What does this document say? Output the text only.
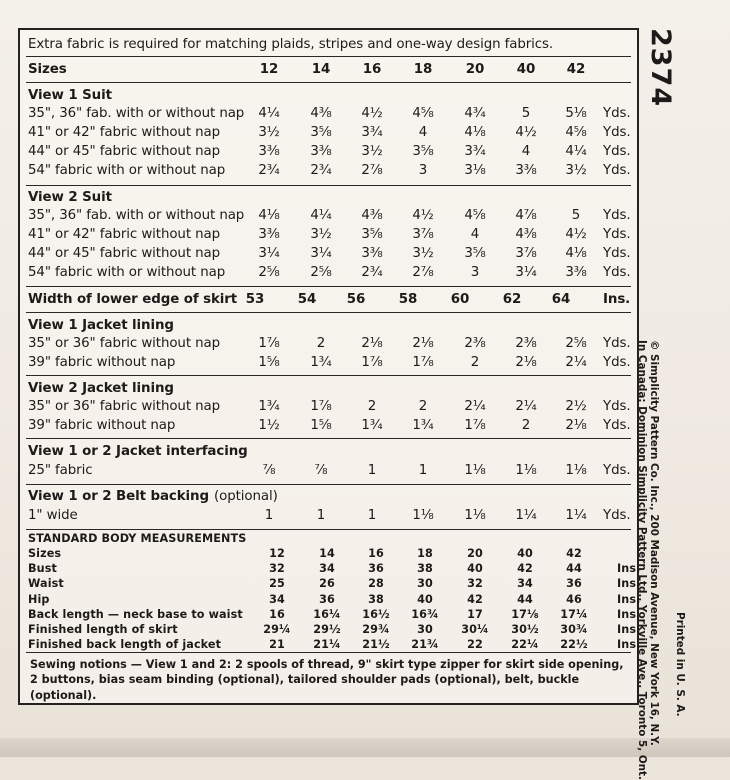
Extra fabric is required for matching plaids, stripes and one-way design fabrics.
Sizes	12	14	16	18	20	40	42
View 1 Suit
35", 36" fab. with or without nap	4¼	4⅜	4½	4⅝	4¾	5	5⅛	Yds.
41" or 42" fabric without nap	3½	3⅝	3¾	4	4⅛	4½	4⅝	Yds.
44" or 45" fabric without nap	3⅜	3⅜	3½	3⅝	3¾	4	4¼	Yds.
54" fabric with or without nap	2¾	2¾	2⅞	3	3⅛	3⅜	3½	Yds.
View 2 Suit
35", 36" fab. with or without nap	4⅛	4¼	4⅜	4½	4⅝	4⅞	5	Yds.
41" or 42" fabric without nap	3⅜	3½	3⅝	3⅞	4	4⅜	4½	Yds.
44" or 45" fabric without nap	3¼	3¼	3⅜	3½	3⅝	3⅞	4⅛	Yds.
54" fabric with or without nap	2⅝	2⅝	2¾	2⅞	3	3¼	3⅜	Yds.
Width of lower edge of skirt 53	54	56	58	60	62	64	Ins.
View 1 Jacket lining
35" or 36" fabric without nap	1⅞	2	2⅛	2⅛	2⅜	2⅜	2⅝	Yds.
39" fabric without nap	1⅝	1¾	1⅞	1⅞	2	2⅛	2¼	Yds.
View 2 Jacket lining
35" or 36" fabric without nap	1¾	1⅞	2	2	2¼	2¼	2½	Yds.
39" fabric without nap	1½	1⅝	1¾	1¾	1⅞	2	2⅛	Yds.
View 1 or 2 Jacket interfacing
25" fabric	⅞	⅞	1	1	1⅛	1⅛	1⅛	Yds.
View 1 or 2 Belt backing (optional)
1" wide	1	1	1	1⅛	1⅛	1¼	1¼	Yds.
STANDARD BODY MEASUREMENTS
Sizes	12	14	16	18	20	40	42
Bust	32	34	36	38	40	42	44	Ins.
Waist	25	26	28	30	32	34	36	Ins.
Hip	34	36	38	40	42	44	46	Ins.
Back length — neck base to waist	16	16¼	16½	16¾	17	17⅛	17¼	Ins.
Finished length of skirt	29¼	29½	29¾	30	30¼	30½	30¾	Ins.
Finished back length of jacket	21	21¼	21½	21¾	22	22¼	22½	Ins.
Sewing notions — View 1 and 2: 2 spools of thread, 9" skirt type zipper for skirt side opening, 2 buttons, bias seam binding (optional), tailored shoulder pads (optional), belt, buckle (optional).
2374
© Simplicity Pattern Co. Inc., 200 Madison Avenue, New York 16, N.Y.
In Canada: Dominion Simplicity Pattern Ltd., Yorkville Ave., Toronto 5, Ont.	Printed in U. S. A.
